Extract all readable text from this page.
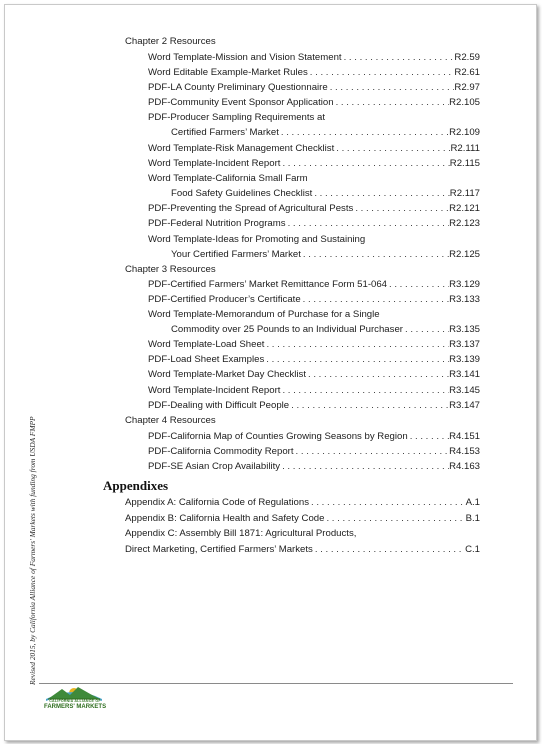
Chapter 2 Resources
Word Template-Mission and Vision Statement . . .	R2.59
Word Editable Example-Market Rules . . .	R2.61
PDF-LA County Preliminary Questionnaire . . .	R2.97
PDF-Community Event Sponsor Application . . .	R2.105
PDF-Producer Sampling Requirements at
Certified Farmers’ Market . . .	R2.109
Word Template-Risk Management Checklist . . .	R2.111
Word Template-Incident Report . . .	R2.115
Word Template-California Small Farm
Food Safety Guidelines Checklist . . .	R2.117
PDF-Preventing the Spread of Agricultural Pests . . .	R2.121
PDF-Federal Nutrition Programs . . .	R2.123
Word Template-Ideas for Promoting and Sustaining
Your Certified Farmers’ Market . . .	R2.125
Chapter 3 Resources
PDF-Certified Farmers’ Market Remittance Form 51-064 . . .	R3.129
PDF-Certified Producer’s Certificate . . .	R3.133
Word Template-Memorandum of Purchase for a Single
Commodity over 25 Pounds to an Individual Purchaser . . .	R3.135
Word Template-Load Sheet . . .	R3.137
PDF-Load Sheet Examples . . .	R3.139
Word Template-Market Day Checklist . . .	R3.141
Word Template-Incident Report . . .	R3.145
PDF-Dealing with Difficult People . . .	R3.147
Chapter 4 Resources
PDF-California Map of Counties Growing Seasons by Region . . .	R4.151
PDF-California Commodity Report . . .	R4.153
PDF-SE Asian Crop Availability . . .	R4.163
Appendixes
Appendix A: California Code of Regulations . . .	A.1
Appendix B: California Health and Safety Code . . .	B.1
Appendix C: Assembly Bill 1871: Agricultural Products,
Direct Marketing, Certified Farmers’ Markets . . .	C.1
Revised 2015, by California Alliance of Farmers' Markets with funding from USDA FMPP
CALIFORNIA ALLIANCE OF
FARMERS' MARKETS
